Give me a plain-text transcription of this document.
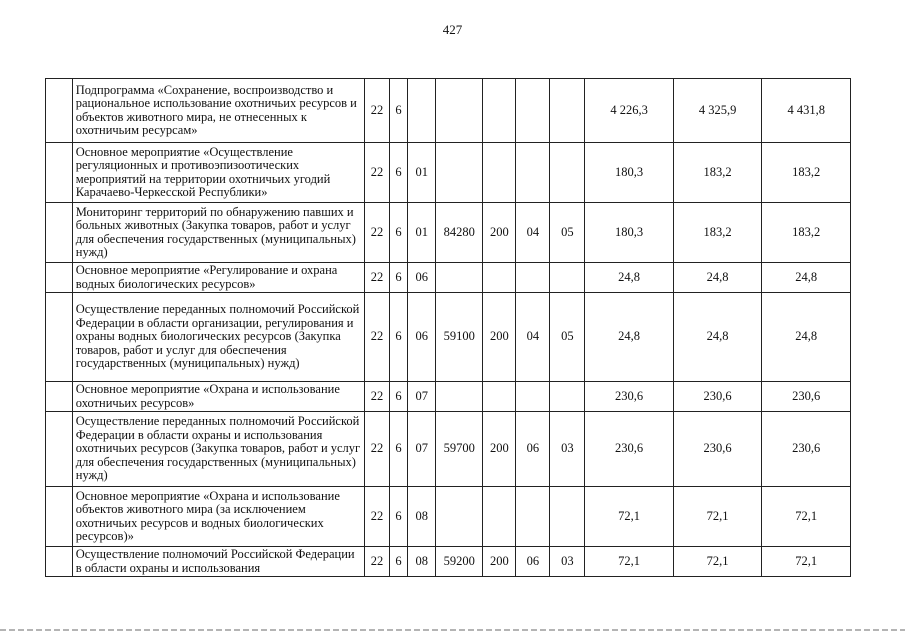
427
	Подпрограмма «Сохранение, воспроизводство и рациональное использование охотничьих ресурсов и объектов животного мира, не отнесенных к охотничьим ресурсам»	22	6						4 226,3	4 325,9	4 431,8
	Основное мероприятие «Осуществление регуляционных и противоэпизоотических мероприятий на территории охотничьих угодий Карачаево-Черкесской Республики»	22	6	01					180,3	183,2	183,2
	Мониторинг территорий по обнаружению павших и больных животных (Закупка товаров, работ и услуг для обеспечения государственных (муниципальных) нужд)	22	6	01	84280	200	04	05	180,3	183,2	183,2
	Основное мероприятие «Регулирование и охрана водных биологических ресурсов»	22	6	06					24,8	24,8	24,8
	Осуществление переданных полномочий Российской Федерации в области организации, регулирования и охраны водных биологических ресурсов (Закупка товаров, работ и услуг для обеспечения государственных (муниципальных) нужд)	22	6	06	59100	200	04	05	24,8	24,8	24,8
	Основное мероприятие «Охрана и использование охотничьих ресурсов»	22	6	07					230,6	230,6	230,6
	Осуществление переданных полномочий Российской Федерации в области охраны и использования охотничьих ресурсов (Закупка товаров, работ и услуг для обеспечения государственных (муниципальных) нужд)	22	6	07	59700	200	06	03	230,6	230,6	230,6
	Основное мероприятие «Охрана и использование объектов животного мира (за исключением охотничьих ресурсов и водных биологических ресурсов)»	22	6	08					72,1	72,1	72,1
	Осуществление полномочий Российской Федерации в области охраны и использования	22	6	08	59200	200	06	03	72,1	72,1	72,1
